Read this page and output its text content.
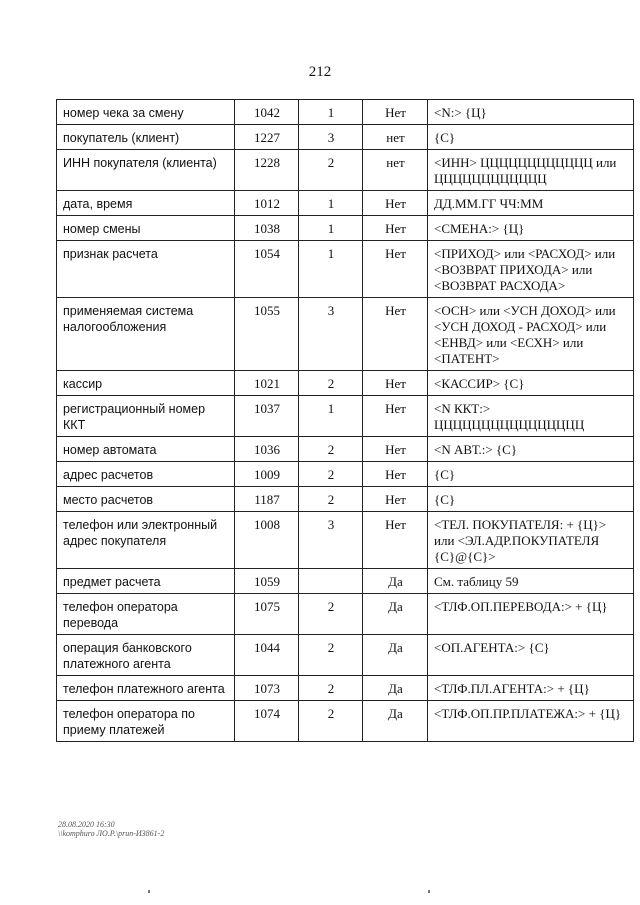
212
номер чека за смену	1042	1	Нет	<N:> {Ц}
покупатель (клиент)	1227	3	нет	{C}
ИНН покупателя (клиента)	1228	2	нет	<ИНН> ЦЦЦЦЦЦЦЦЦЦЦЦ или ЦЦЦЦЦЦЦЦЦЦЦЦ
дата, время	1012	1	Нет	ДД.ММ.ГГ ЧЧ:ММ
номер смены	1038	1	Нет	<СМЕНА:> {Ц}
признак расчета	1054	1	Нет	<ПРИХОД> или <РАСХОД> или <ВОЗВРАТ ПРИХОДА> или <ВОЗВРАТ РАСХОДА>
применяемая система налогообложения	1055	3	Нет	<ОСН> или <УСН ДОХОД> или <УСН ДОХОД - РАСХОД> или <ЕНВД> или <ЕСХН> или <ПАТЕНТ>
кассир	1021	2	Нет	<КАССИР> {C}
регистрационный номер ККТ	1037	1	Нет	<N ККТ:> ЦЦЦЦЦЦЦЦЦЦЦЦЦЦЦЦ
номер автомата	1036	2	Нет	<N АВТ.:> {C}
адрес расчетов	1009	2	Нет	{C}
место расчетов	1187	2	Нет	{C}
телефон или электронный адрес покупателя	1008	3	Нет	<ТЕЛ. ПОКУПАТЕЛЯ: + {Ц}> или <ЭЛ.АДР.ПОКУПАТЕЛЯ {C}@{C}>
предмет расчета	1059		Да	См. таблицу 59
телефон оператора перевода	1075	2	Да	<ТЛФ.ОП.ПЕРЕВОДА:> + {Ц}
операция банковского платежного агента	1044	2	Да	<ОП.АГЕНТА:> {C}
телефон платежного агента	1073	2	Да	<ТЛФ.ПЛ.АГЕНТА:> + {Ц}
телефон оператора по приему платежей	1074	2	Да	<ТЛФ.ОП.ПР.ПЛАТЕЖА:> + {Ц}
28.08.2020 16:30
\\komphuro ЛО.Р.\prun-И3861-2
